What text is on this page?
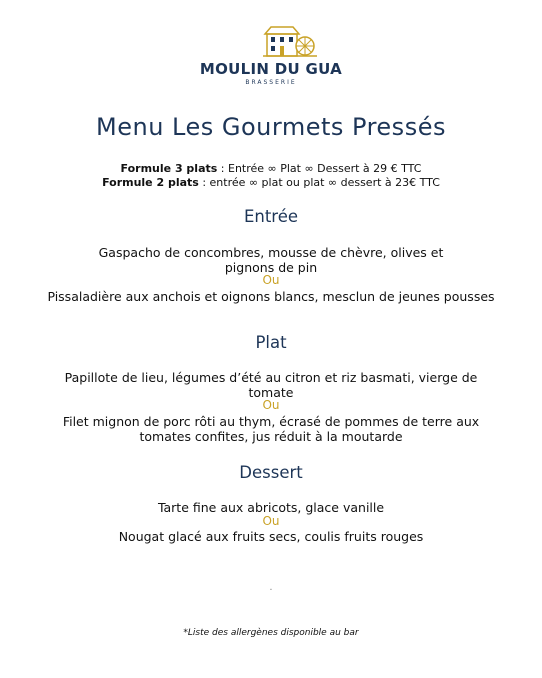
MOULIN DU GUA
BRASSERIE
Menu Les Gourmets Pressés
Formule 3 plats : Entrée ∞ Plat ∞ Dessert à 29 € TTC
Formule 2 plats : entrée ∞ plat ou plat ∞ dessert à 23€ TTC
Entrée
Gaspacho de concombres, mousse de chèvre, olives et pignons de pin
Ou
Pissaladière aux anchois et oignons blancs, mesclun de jeunes pousses
Plat
Papillote de lieu, légumes d’été au citron et riz basmati, vierge de tomate
Ou
Filet mignon de porc rôti au thym, écrasé de pommes de terre aux tomates confites, jus réduit à la moutarde
Dessert
Tarte fine aux abricots, glace vanille
Ou
Nougat glacé aux fruits secs, coulis fruits rouges
.
*Liste des allergènes disponible au bar
